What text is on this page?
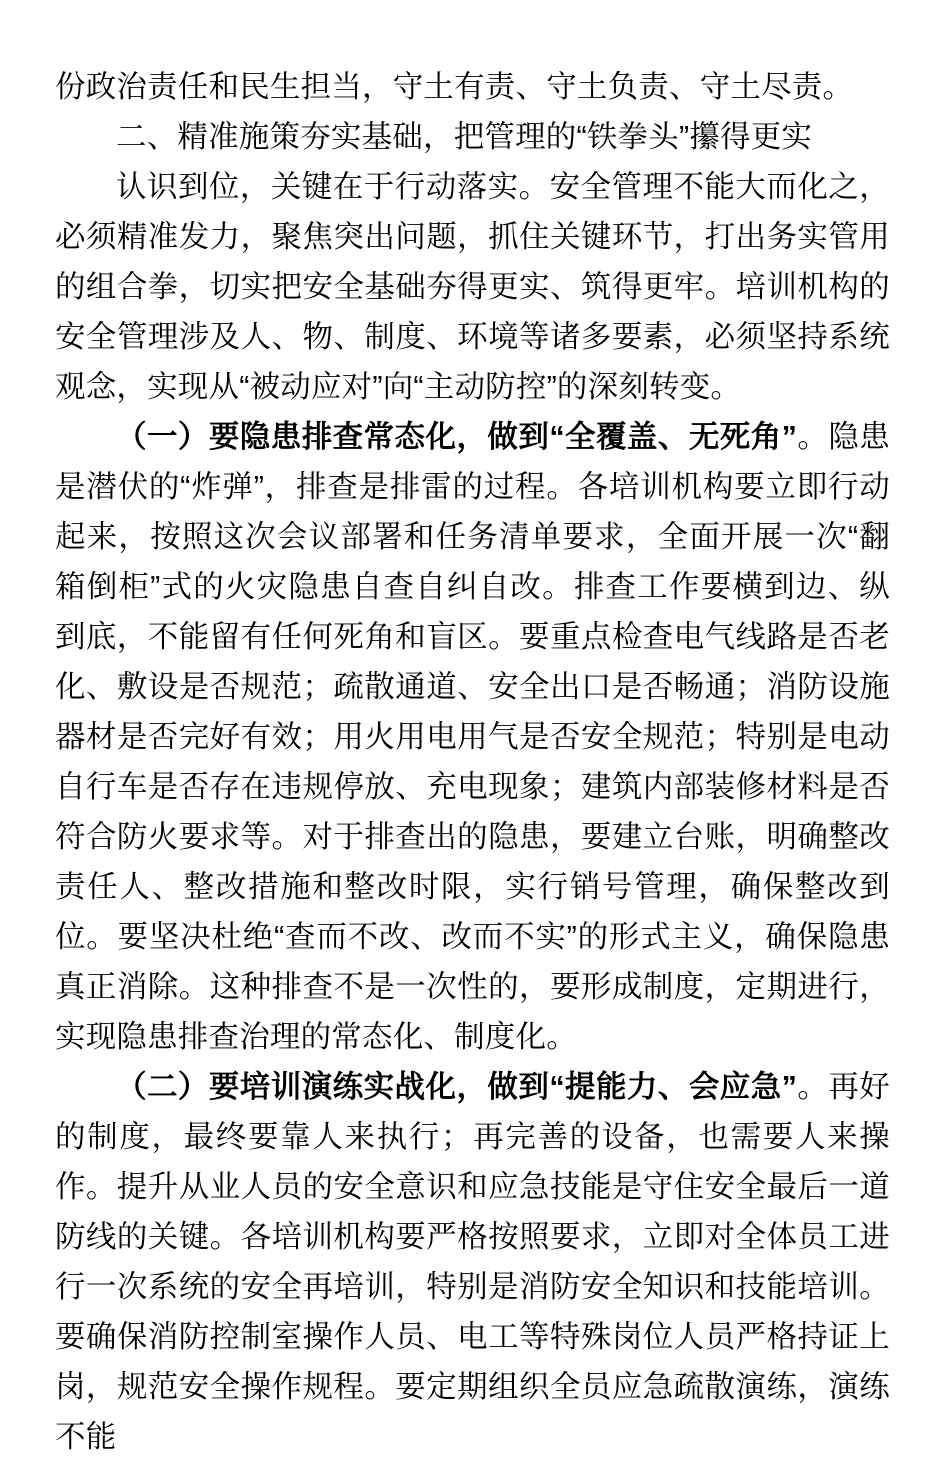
份政治责任和民生担当，守土有责、守土负责、守土尽责。

二、精准施策夯实基础，把管理的“铁拳头”攥得更实

认识到位，关键在于行动落实。安全管理不能大而化之，必须精准发力，聚焦突出问题，抓住关键环节，打出务实管用的组合拳，切实把安全基础夯得更实、筑得更牢。培训机构的安全管理涉及人、物、制度、环境等诸多要素，必须坚持系统观念，实现从“被动应对”向“主动防控”的深刻转变。

（一）要隐患排查常态化，做到“全覆盖、无死角”。隐患是潜伏的“炸弹”，排查是排雷的过程。各培训机构要立即行动起来，按照这次会议部署和任务清单要求，全面开展一次“翻箱倒柜”式的火灾隐患自查自纠自改。排查工作要横到边、纵到底，不能留有任何死角和盲区。要重点检查电气线路是否老化、敷设是否规范；疏散通道、安全出口是否畅通；消防设施器材是否完好有效；用火用电用气是否安全规范；特别是电动自行车是否存在违规停放、充电现象；建筑内部装修材料是否符合防火要求等。对于排查出的隐患，要建立台账，明确整改责任人、整改措施和整改时限，实行销号管理，确保整改到位。要坚决杜绝“查而不改、改而不实”的形式主义，确保隐患真正消除。这种排查不是一次性的，要形成制度，定期进行，实现隐患排查治理的常态化、制度化。

（二）要培训演练实战化，做到“提能力、会应急”。再好的制度，最终要靠人来执行；再完善的设备，也需要人来操作。提升从业人员的安全意识和应急技能是守住安全最后一道防线的关键。各培训机构要严格按照要求，立即对全体员工进行一次系统的安全再培训，特别是消防安全知识和技能培训。要确保消防控制室操作人员、电工等特殊岗位人员严格持证上岗，规范安全操作规程。要定期组织全员应急疏散演练，演练不能
